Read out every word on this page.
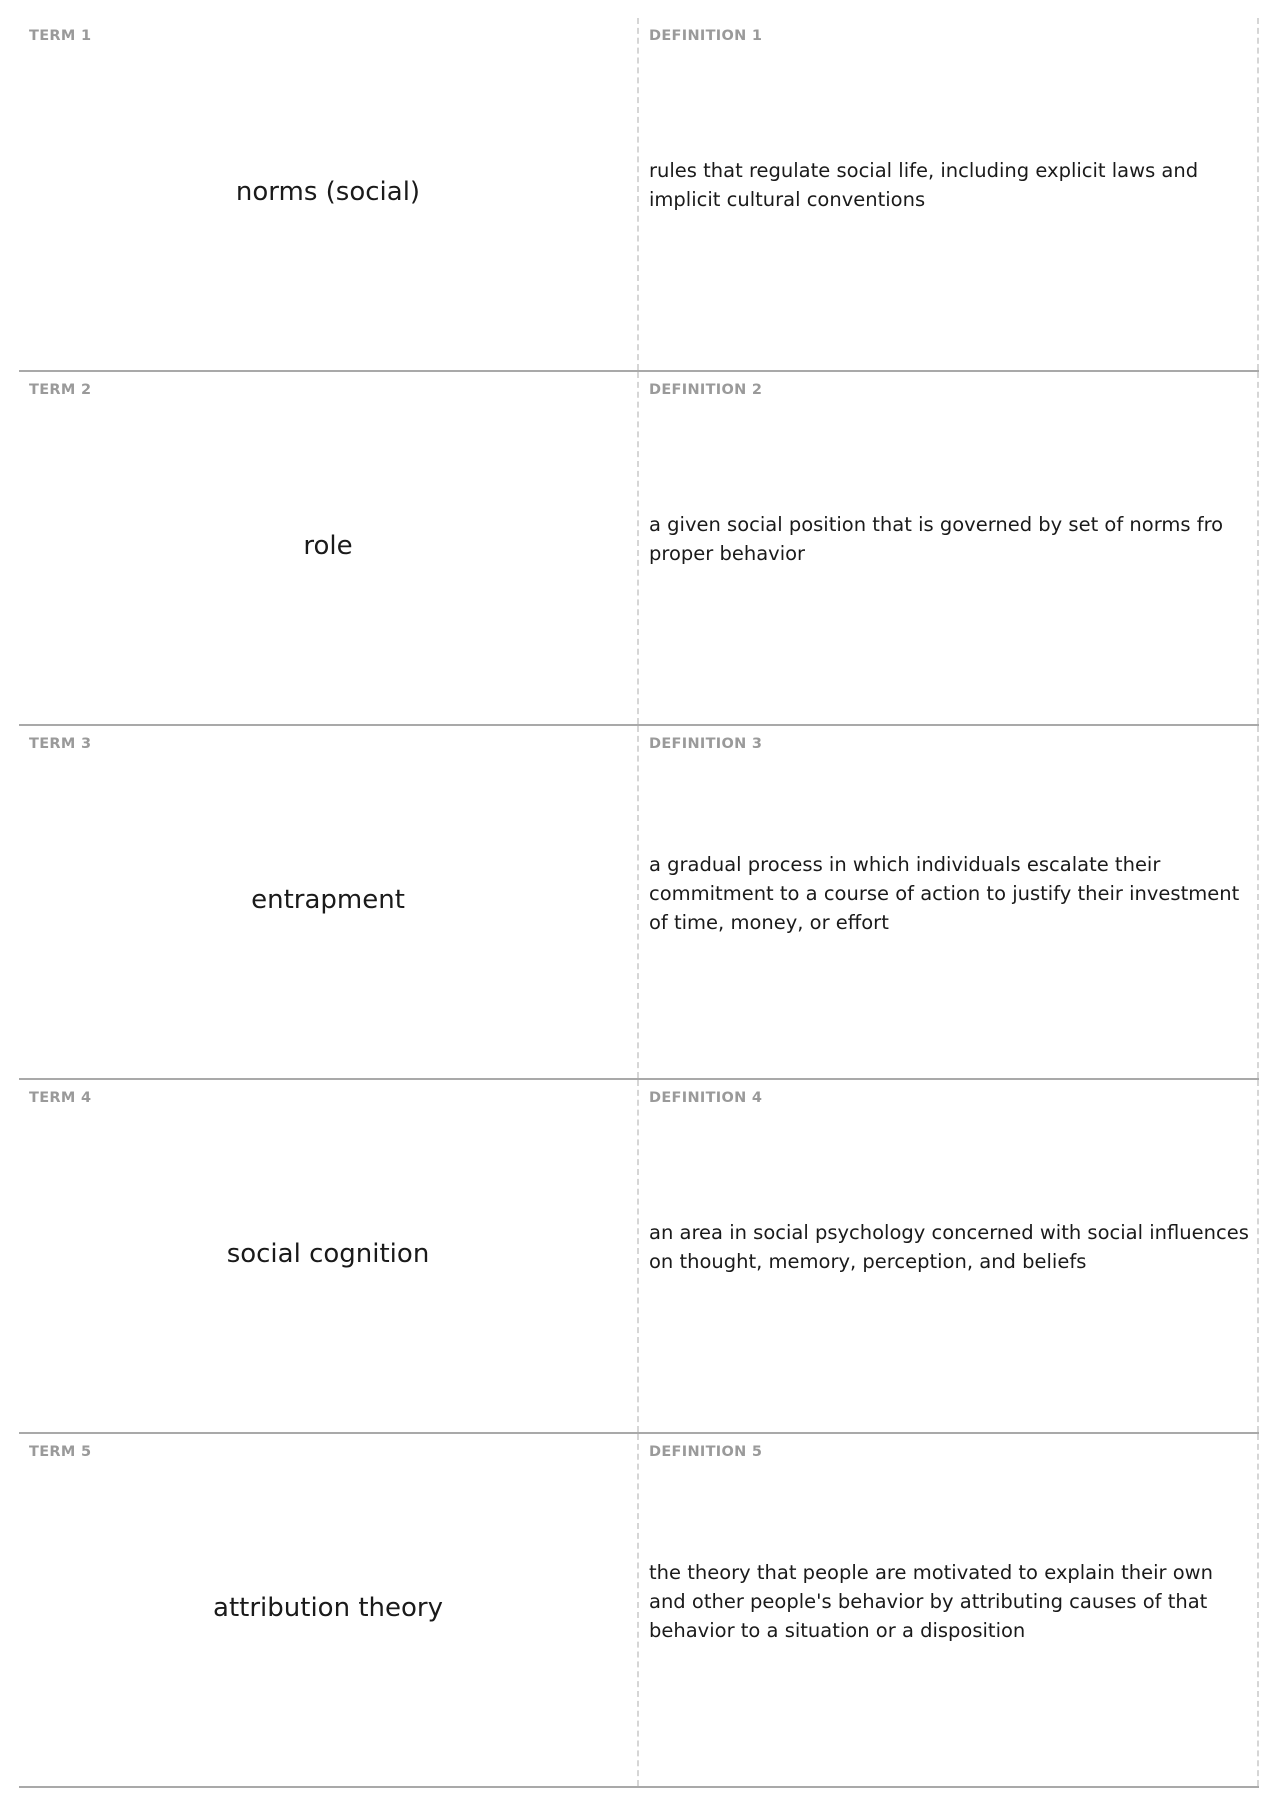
TERM 1
norms (social)
DEFINITION 1
rules that regulate social life, including explicit laws and implicit cultural conventions
TERM 2
role
DEFINITION 2
a given social position that is governed by set of norms fro proper behavior
TERM 3
entrapment
DEFINITION 3
a gradual process in which individuals escalate their commitment to a course of action to justify their investment of time, money, or effort
TERM 4
social cognition
DEFINITION 4
an area in social psychology concerned with social influences on thought, memory, perception, and beliefs
TERM 5
attribution theory
DEFINITION 5
the theory that people are motivated to explain their own and other people's behavior by attributing causes of that behavior to a situation or a disposition
